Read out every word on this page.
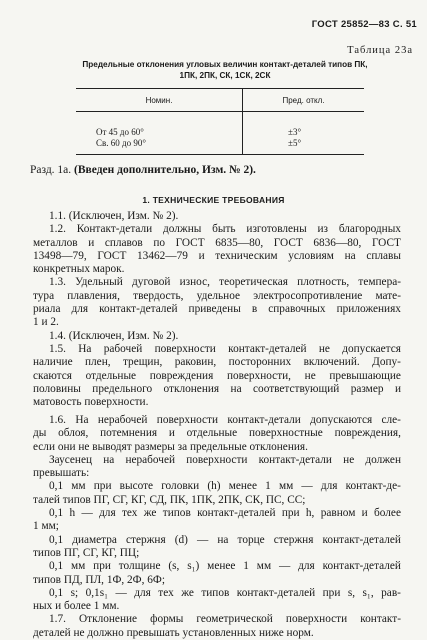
ГОСТ 25852—83 С. 51
Таблица 23а
Предельные отклонения угловых величин контакт-деталей типов ПК,
1ПК, 2ПК, СК, 1СК, 2СК
Номин.	Пред. откл.
От 45 до 60°	±3°
Св. 60 до 90°	±5°
Разд. 1а. (Введен дополнительно, Изм. № 2).
1. ТЕХНИЧЕСКИЕ ТРЕБОВАНИЯ
1.1. (Исключен, Изм. № 2).
1.2. Контакт-детали должны быть изготовлены из благородных
металлов и сплавов по ГОСТ 6835—80, ГОСТ 6836—80, ГОСТ
13498—79, ГОСТ 13462—79 и техническим условиям на сплавы
конкретных марок.
1.3. Удельный дуговой износ, теоретическая плотность, темпера-
тура плавления, твердость, удельное электросопротивление мате-
риала для контакт-деталей приведены в справочных приложениях
1 и 2.
1.4. (Исключен, Изм. № 2).
1.5. На рабочей поверхности контакт-деталей не допускается
наличие плен, трещин, раковин, посторонних включений. Допу-
скаются отдельные повреждения поверхности, не превышающие
половины предельного отклонения на соответствующий размер и
матовость поверхности.
1.6. На нерабочей поверхности контакт-детали допускаются сле-
ды облоя, потемнения и отдельные поверхностные повреждения,
если они не выводят размеры за предельные отклонения.
Заусенец на нерабочей поверхности контакт-детали не должен
превышать:
0,1 мм при высоте головки (h) менее 1 мм — для контакт-де-
талей типов ПГ, СГ, КГ, СД, ПК, 1ПК, 2ПК, СК, ПС, СС;
0,1 h — для тех же типов контакт-деталей при h, равном и более
1 мм;
0,1 диаметра стержня (d) — на торце стержня контакт-деталей
типов ПГ, СГ, КГ, ПЦ;
0,1 мм при толщине (s, s₁) менее 1 мм — для контакт-деталей
типов ПД, ПЛ, 1Ф, 2Ф, 6Ф;
0,1 s; 0,1s₁ — для тех же типов контакт-деталей при s, s₁, рав-
ных и более 1 мм.
1.7. Отклонение формы геометрической поверхности контакт-
деталей не должно превышать установленных ниже норм.
